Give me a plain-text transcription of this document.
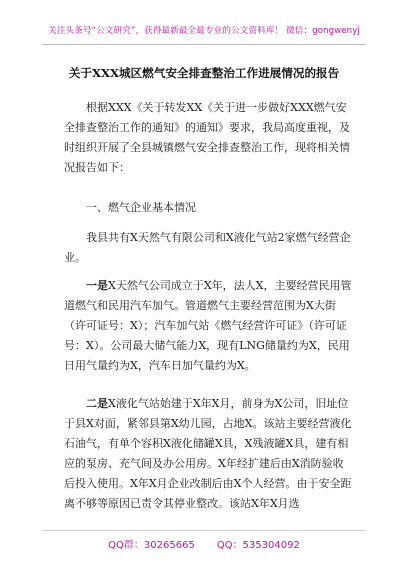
关注头条号“公文研究”，获得最新最全最专业的公文资料库！ 微信：gongwenyj
关于XXX城区燃气安全排查整治工作进展情况的报告

根据XXX《关于转发XX《关于进一步做好XXX燃气安全排查整治工作的通知》的通知》要求，我局高度重视，及时组织开展了全县城镇燃气安全排查整治工作，现将相关情况报告如下：

一、燃气企业基本情况

我县共有X天然气有限公司和X液化气站2家燃气经营企业。

一是X天然气公司成立于X年，法人X，主要经营民用管道燃气和民用汽车加气。管道燃气主要经营范围为X大街（许可证号：X）；汽车加气站《燃气经营许可证》（许可证号：X）。公司最大储气能力X，现有LNG储量约为X，民用日用气量约为X，汽车日加气量约为X。

二是X液化气站始建于X年X月，前身为X公司，旧址位于县X对面，紧邻县第X幼儿园，占地X。该站主要经营液化石油气，有单个容积X液化储罐X具，X残液罐X具，建有相应的泵房、充气间及办公用房。X年经扩建后由X消防验收后投入使用。X年X月企业改制后由X个人经营。由于安全距离不够等原因已责令其停业整改。该站X年X月选

QQ群：30265665 QQ：535304092
